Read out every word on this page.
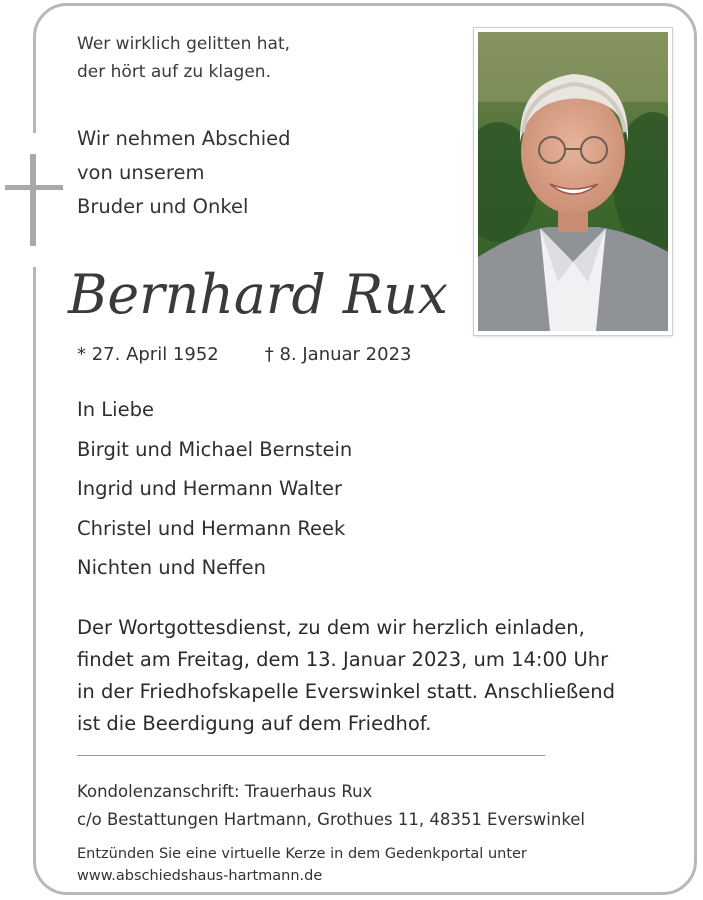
Wer wirklich gelitten hat,
der hört auf zu klagen.

Wir nehmen Abschied
von unserem
Bruder und Onkel

Bernhard Rux
* 27. April 1952	† 8. Januar 2023
In Liebe
Birgit und Michael Bernstein
Ingrid und Hermann Walter
Christel und Hermann Reek
Nichten und Neffen

Der Wortgottesdienst, zu dem wir herzlich einladen,
findet am Freitag, dem 13. Januar 2023, um 14:00 Uhr
in der Friedhofskapelle Everswinkel statt. Anschließend
ist die Beerdigung auf dem Friedhof.

Kondolenzanschrift: Trauerhaus Rux
c/o Bestattungen Hartmann, Grothues 11, 48351 Everswinkel

Entzünden Sie eine virtuelle Kerze in dem Gedenkportal unter
www.abschiedshaus-hartmann.de
